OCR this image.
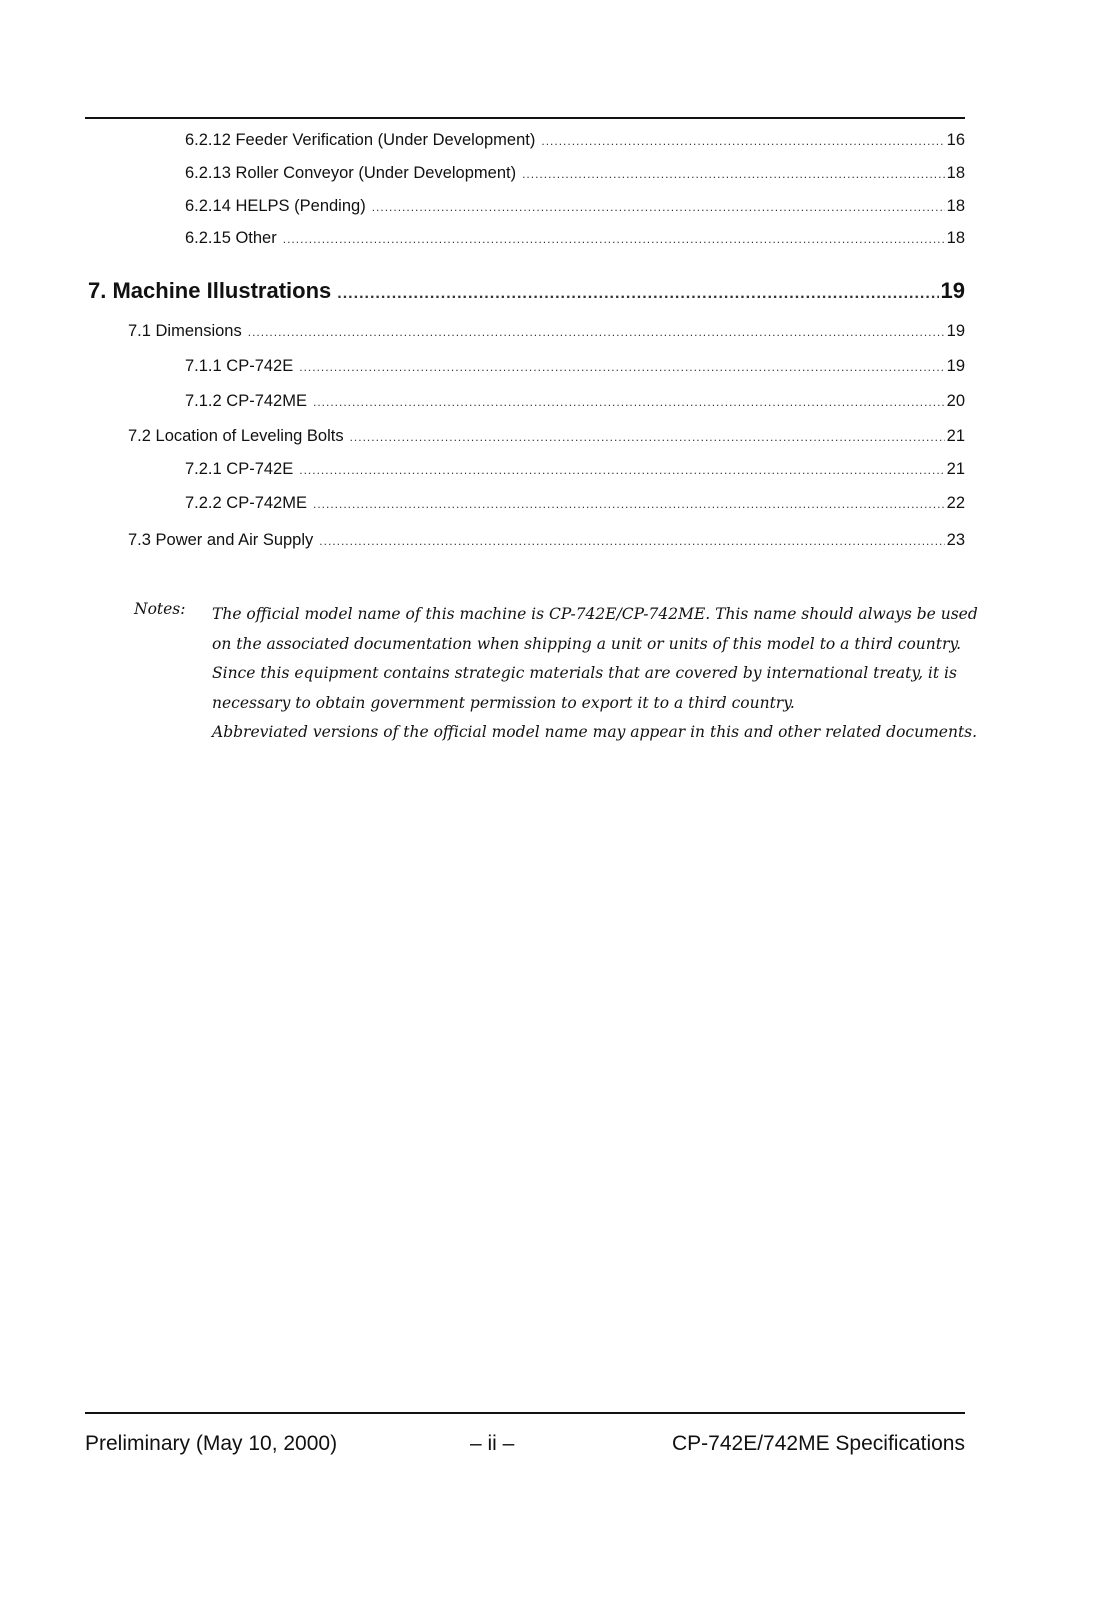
6.2.12 Feeder Verification (Under Development) .....	16
6.2.13 Roller Conveyor (Under Development) .....	18
6.2.14 HELPS (Pending) .....	18
6.2.15 Other .....	18
7. Machine Illustrations .....	19
7.1 Dimensions .....	19
7.1.1 CP-742E .....	19
7.1.2 CP-742ME .....	20
7.2 Location of Leveling Bolts .....	21
7.2.1 CP-742E .....	21
7.2.2 CP-742ME .....	22
7.3 Power and Air Supply .....	23
Notes: The official model name of this machine is CP-742E/CP-742ME. This name should always be used on the associated documentation when shipping a unit or units of this model to a third country.

Since this equipment contains strategic materials that are covered by international treaty, it is necessary to obtain government permission to export it to a third country.

Abbreviated versions of the official model name may appear in this and other related documents.

Preliminary (May 10, 2000)	– ii –	CP-742E/742ME Specifications
